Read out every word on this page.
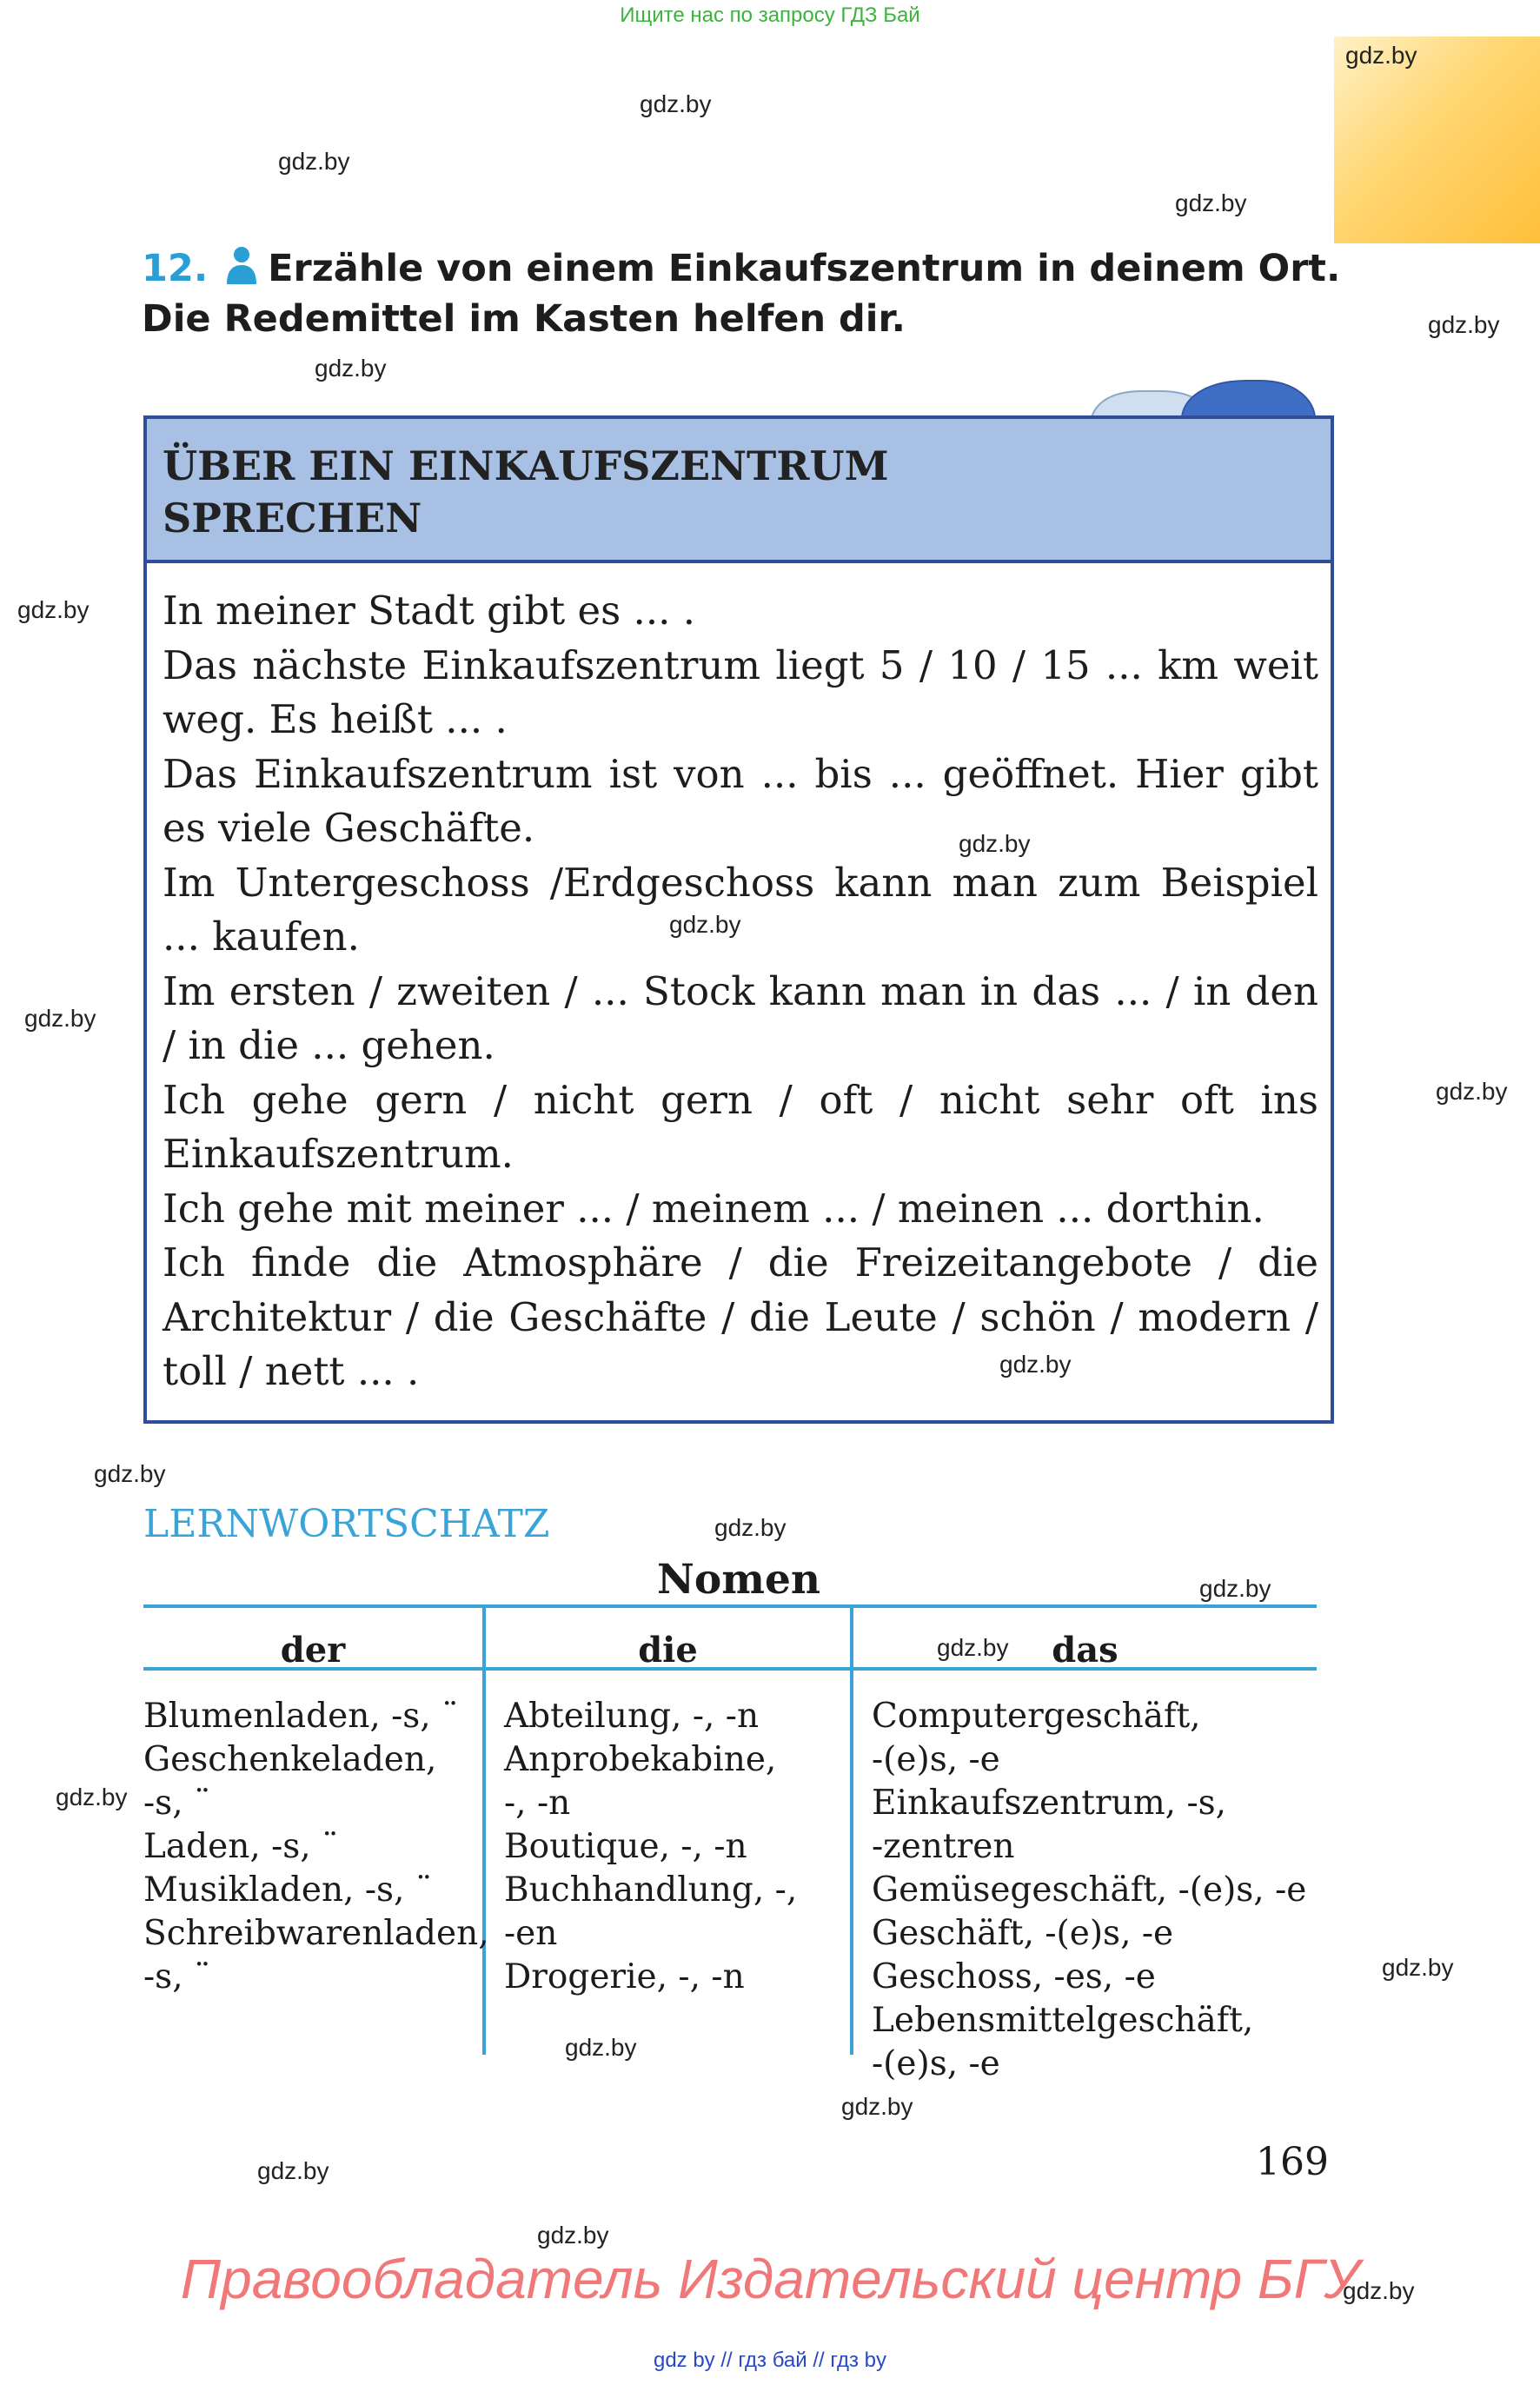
Ищите нас по запросу ГДЗ Бай
gdz.by
gdz.by
gdz.by
gdz.by
gdz.by
gdz.by
gdz.by
gdz.by
gdz.by
gdz.by
gdz.by
gdz.by
gdz.by
gdz.by
gdz.by
gdz.by
gdz.by
gdz.by
gdz.by
gdz.by
gdz.by
gdz.by
gdz.by
12. Erzähle von einem Einkaufszentrum in deinem Ort. Die Redemittel im Kasten helfen dir.
ÜBER EIN EINKAUFSZENTRUM
SPRECHEN

In meiner Stadt gibt es ... .

Das nächste Einkaufszentrum liegt 5 / 10 / 15 ... km weit weg. Es heißt ... .

Das Einkaufszentrum ist von ... bis ... geöffnet. Hier gibt es viele Geschäfte.

Im Untergeschoss /Erdgeschoss kann man zum Beispiel ... kaufen.

Im ersten / zweiten / ... Stock kann man in das ... / in den / in die ... gehen.

Ich gehe gern / nicht gern / oft / nicht sehr oft ins Einkaufszentrum.

Ich gehe mit meiner ... / meinem ... / meinen ... dorthin.

Ich finde die Atmosphäre / die Freizeitangebote / die Architektur / die Geschäfte / die Leute / schön / modern / toll / nett ... .

LERNWORTSCHATZ
Nomen
der	die	das
Blumenladen, -s, ¨
Geschenkeladen,
-s, ¨
Laden, -s, ¨
Musikladen, -s, ¨
Schreibwarenladen,
-s, ¨
Abteilung, -, -n
Anprobekabine,
-, -n
Boutique, -, -n
Buchhandlung, -,
-en
Drogerie, -, -n
Computergeschäft,
-(e)s, -e
Einkaufszentrum, -s,
-zentren
Gemüsegeschäft, -(e)s, -e
Geschäft, -(e)s, -e
Geschoss, -es, -e
Lebensmittelgeschäft,
-(e)s, -e
169
Правообладатель Издательский центр БГУ
gdz by // гдз бай // гдз by
